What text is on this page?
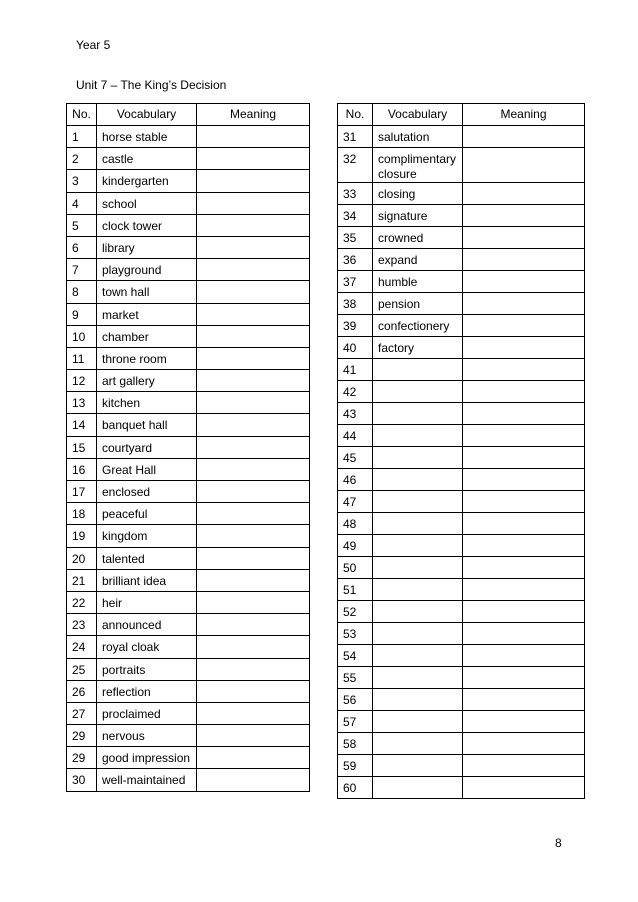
Year 5
Unit 7 – The King’s Decision
No.	Vocabulary	Meaning
1	horse stable	
2	castle	
3	kindergarten	
4	school	
5	clock tower	
6	library	
7	playground	
8	town hall	
9	market	
10	chamber	
11	throne room	
12	art gallery	
13	kitchen	
14	banquet hall	
15	courtyard	
16	Great Hall	
17	enclosed	
18	peaceful	
19	kingdom	
20	talented	
21	brilliant idea	
22	heir	
23	announced	
24	royal cloak	
25	portraits	
26	reflection	
27	proclaimed	
29	nervous	
29	good impression	
30	well-maintained	
No.	Vocabulary	Meaning
31	salutation	
32	complimentary closure	
33	closing	
34	signature	
35	crowned	
36	expand	
37	humble	
38	pension	
39	confectionery	
40	factory	
41		
42		
43		
44		
45		
46		
47		
48		
49		
50		
51		
52		
53		
54		
55		
56		
57		
58		
59		
60		
8
